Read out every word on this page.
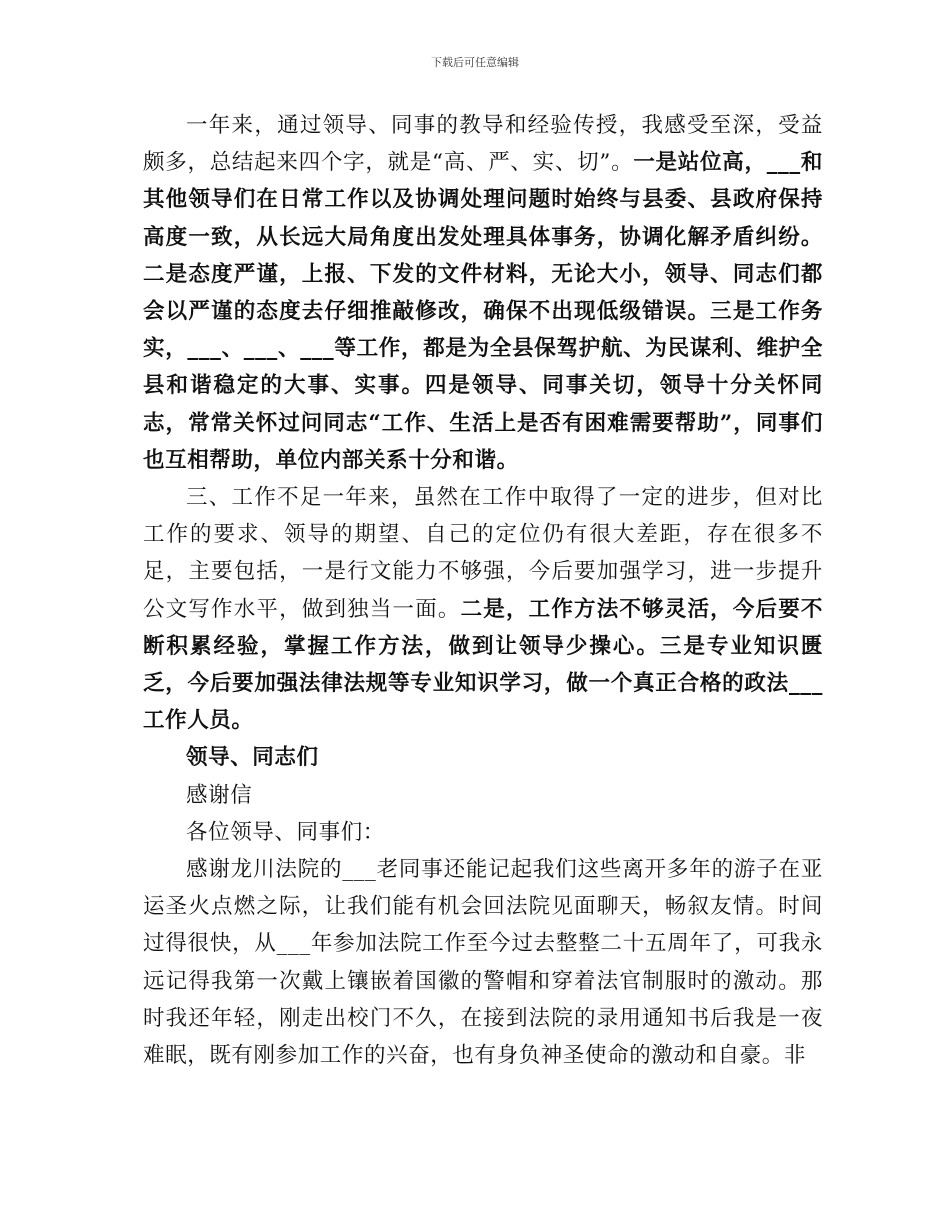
下载后可任意编辑

一年来，通过领导、同事的教导和经验传授，我感受至深，受益颇多，总结起来四个字，就是“高、严、实、切”。一是站位高，___和其他领导们在日常工作以及协调处理问题时始终与县委、县政府保持高度一致，从长远大局角度出发处理具体事务，协调化解矛盾纠纷。二是态度严谨，上报、下发的文件材料，无论大小，领导、同志们都会以严谨的态度去仔细推敲修改，确保不出现低级错误。三是工作务实，___、___、___等工作，都是为全县保驾护航、为民谋利、维护全县和谐稳定的大事、实事。四是领导、同事关切，领导十分关怀同志，常常关怀过问同志“工作、生活上是否有困难需要帮助”，同事们也互相帮助，单位内部关系十分和谐。

三、工作不足一年来，虽然在工作中取得了一定的进步，但对比工作的要求、领导的期望、自己的定位仍有很大差距，存在很多不足，主要包括，一是行文能力不够强，今后要加强学习，进一步提升公文写作水平，做到独当一面。二是，工作方法不够灵活，今后要不断积累经验，掌握工作方法，做到让领导少操心。三是专业知识匮乏，今后要加强法律法规等专业知识学习，做一个真正合格的政法___工作人员。

领导、同志们

感谢信

各位领导、同事们：

感谢龙川法院的___老同事还能记起我们这些离开多年的游子在亚运圣火点燃之际，让我们能有机会回法院见面聊天，畅叙友情。时间过得很快，从___年参加法院工作至今过去整整二十五周年了，可我永远记得我第一次戴上镶嵌着国徽的警帽和穿着法官制服时的激动。那时我还年轻，刚走出校门不久，在接到法院的录用通知书后我是一夜难眠，既有刚参加工作的兴奋，也有身负神圣使命的激动和自豪。非
